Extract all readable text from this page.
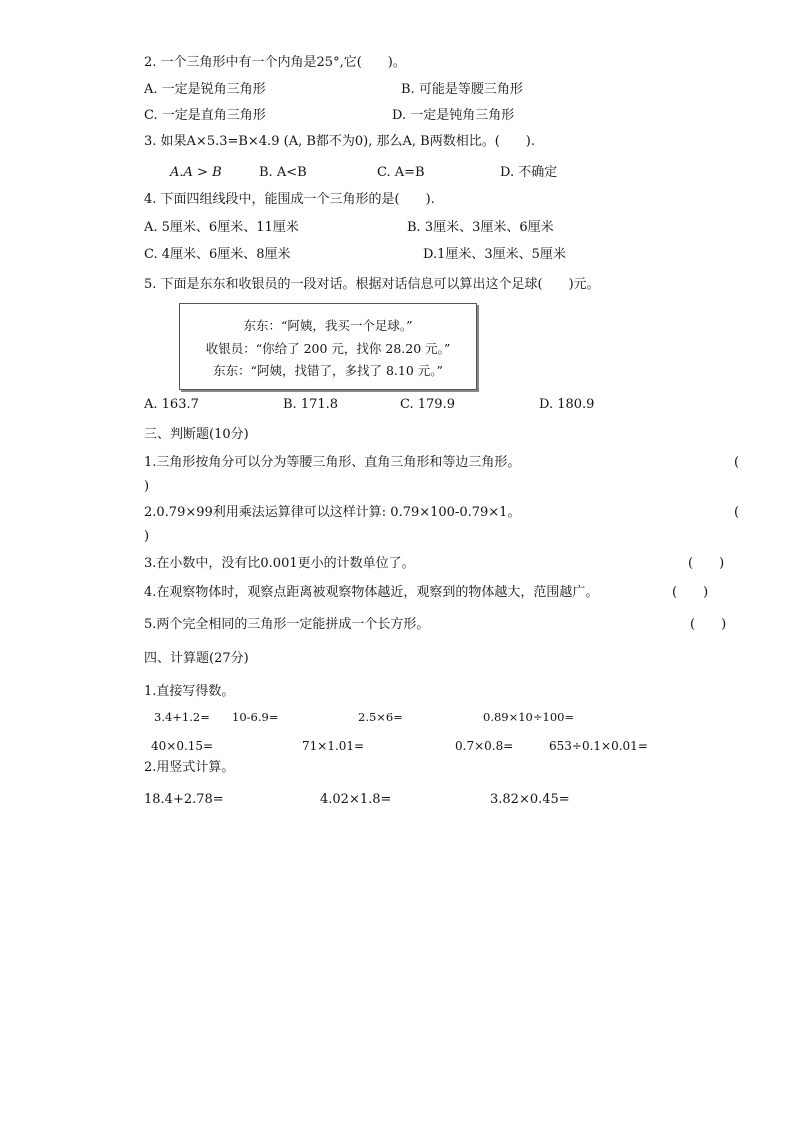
2. 一个三角形中有一个内角是25°,它(　　)。
A. 一定是锐角三角形	B. 可能是等腰三角形
C. 一定是直角三角形	D. 一定是钝角三角形
3. 如果A×5.3=B×4.9 (A, B都不为0), 那么A, B两数相比。(　　).
A.A > B	B. A<B	C. A=B	D. 不确定
4. 下面四组线段中，能围成一个三角形的是(　　).
A. 5厘米、6厘米、11厘米	B. 3厘米、3厘米、6厘米
C. 4厘米、6厘米、8厘米	D.1厘米、3厘米、5厘米
5. 下面是东东和收银员的一段对话。根据对话信息可以算出这个足球(　　)元。
东东：“阿姨，我买一个足球。”
收银员：“你给了 200 元，找你 28.20 元。”
东东：“阿姨，找错了，多找了 8.10 元。”
A. 163.7	B. 171.8	C. 179.9	D. 180.9
三、判断题(10分)
1.三角形按角分可以分为等腰三角形、直角三角形和等边三角形。	(
)
2.0.79×99利用乘法运算律可以这样计算: 0.79×100-0.79×1。	(
)
3.在小数中，没有比0.001更小的计数单位了。	(　　)
4.在观察物体时，观察点距离被观察物体越近，观察到的物体越大，范围越广。	(　　)
5.两个完全相同的三角形一定能拼成一个长方形。	(　　)
四、计算题(27分)
1.直接写得数。
3.4+1.2= 10-6.9=	2.5×6=	0.89×10÷100=
40×0.15=	71×1.01=	0.7×0.8=	653÷0.1×0.01=
2.用竖式计算。
18.4+2.78=	4.02×1.8=	3.82×0.45=
